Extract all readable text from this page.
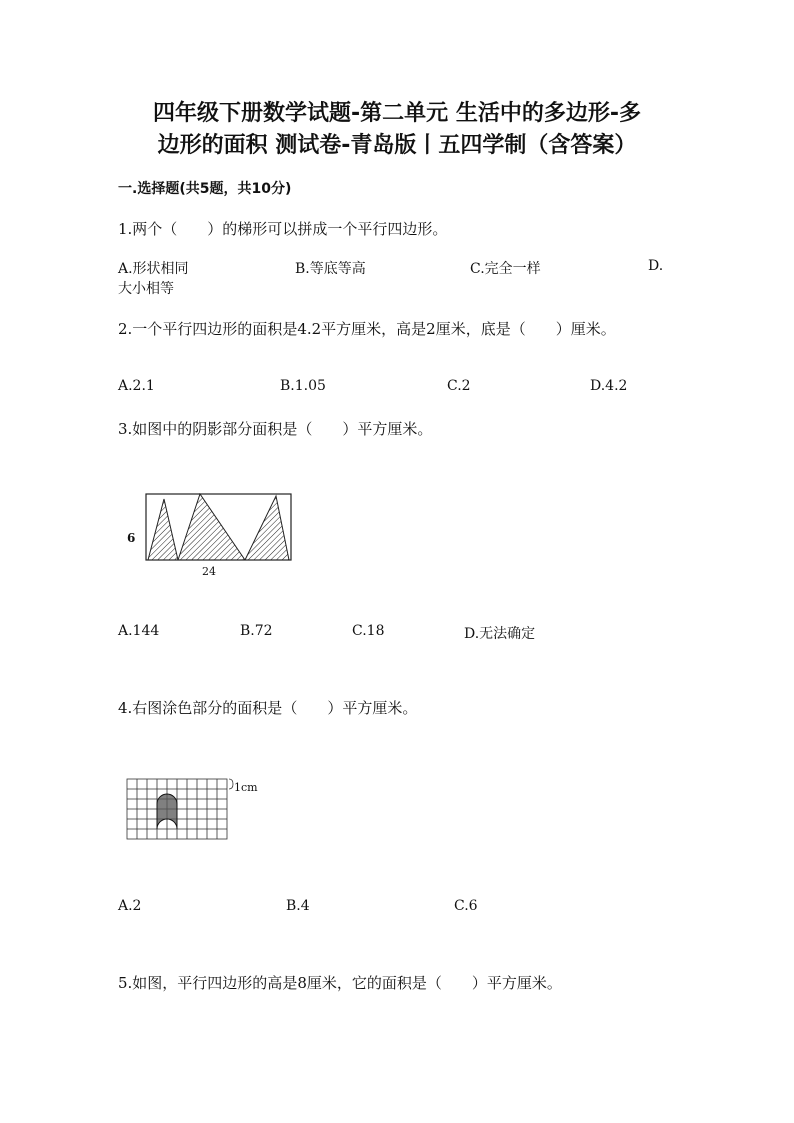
四年级下册数学试题-第二单元 生活中的多边形-多
边形的面积 测试卷-青岛版丨五四学制（含答案）
一.选择题(共5题，共10分)
1.两个（　　）的梯形可以拼成一个平行四边形。
A.形状相同	B.等底等高	C.完全一样	D.
大小相等
2.一个平行四边形的面积是4.2平方厘米，高是2厘米，底是（　　）厘米。
A.2.1	B.1.05	C.2	D.4.2
3.如图中的阴影部分面积是（　　）平方厘米。
6
24
A.144	B.72	C.18	D.无法确定
4.右图涂色部分的面积是（　　）平方厘米。
1cm
A.2	B.4	C.6
5.如图，平行四边形的高是8厘米，它的面积是（　　）平方厘米。
